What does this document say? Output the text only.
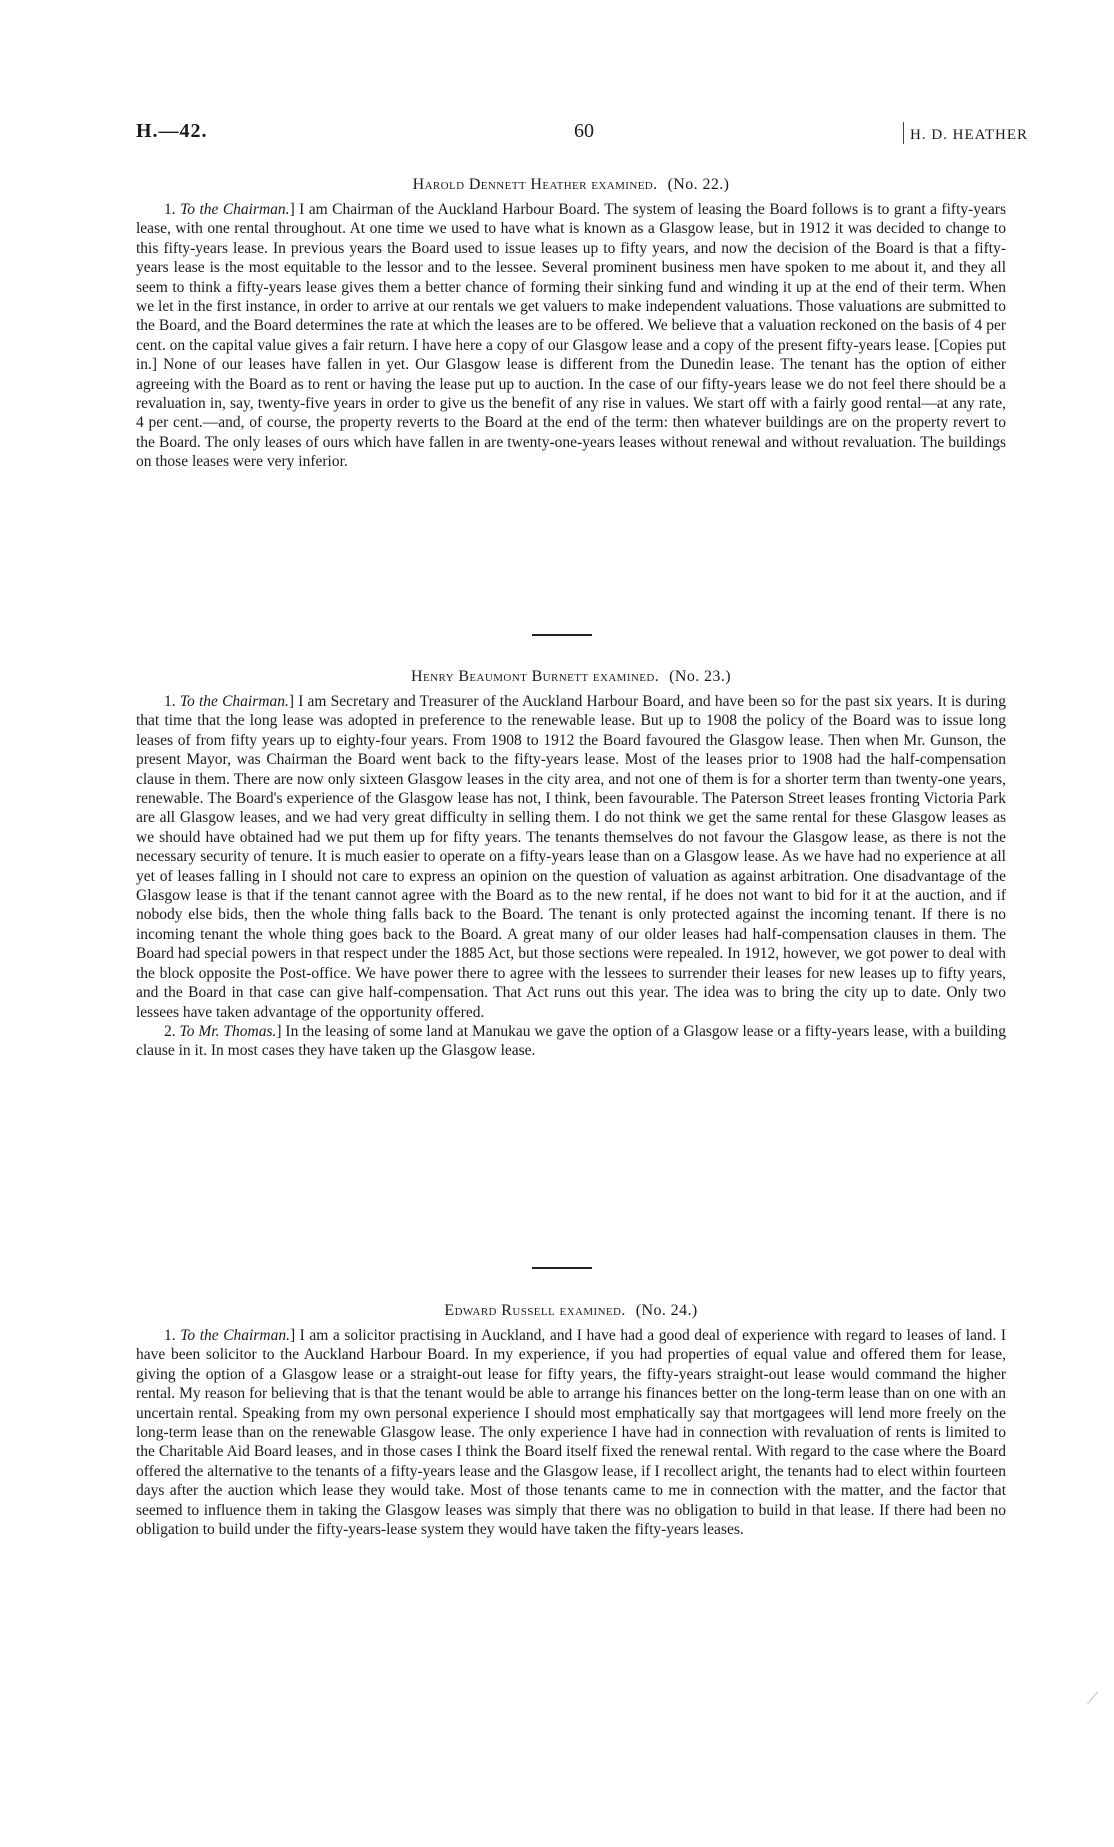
H.—42.	60	H. D. HEATHER
Harold Dennett Heather examined. (No. 22.)

1. To the Chairman.] I am Chairman of the Auckland Harbour Board. The system of leasing the Board follows is to grant a fifty-years lease, with one rental throughout. At one time we used to have what is known as a Glasgow lease, but in 1912 it was decided to change to this fifty-years lease. In previous years the Board used to issue leases up to fifty years, and now the decision of the Board is that a fifty-years lease is the most equitable to the lessor and to the lessee. Several prominent business men have spoken to me about it, and they all seem to think a fifty-years lease gives them a better chance of forming their sinking fund and winding it up at the end of their term. When we let in the first instance, in order to arrive at our rentals we get valuers to make independent valuations. Those valuations are submitted to the Board, and the Board determines the rate at which the leases are to be offered. We believe that a valuation reckoned on the basis of 4 per cent. on the capital value gives a fair return. I have here a copy of our Glasgow lease and a copy of the present fifty-years lease. [Copies put in.] None of our leases have fallen in yet. Our Glasgow lease is different from the Dunedin lease. The tenant has the option of either agreeing with the Board as to rent or having the lease put up to auction. In the case of our fifty-years lease we do not feel there should be a revaluation in, say, twenty-five years in order to give us the benefit of any rise in values. We start off with a fairly good rental—at any rate, 4 per cent.—and, of course, the property reverts to the Board at the end of the term: then whatever buildings are on the property revert to the Board. The only leases of ours which have fallen in are twenty-one-years leases without renewal and without revaluation. The buildings on those leases were very inferior.

Henry Beaumont Burnett examined. (No. 23.)

1. To the Chairman.] I am Secretary and Treasurer of the Auckland Harbour Board, and have been so for the past six years. It is during that time that the long lease was adopted in preference to the renewable lease. But up to 1908 the policy of the Board was to issue long leases of from fifty years up to eighty-four years. From 1908 to 1912 the Board favoured the Glasgow lease. Then when Mr. Gunson, the present Mayor, was Chairman the Board went back to the fifty-years lease. Most of the leases prior to 1908 had the half-compensation clause in them. There are now only sixteen Glasgow leases in the city area, and not one of them is for a shorter term than twenty-one years, renewable. The Board's experience of the Glasgow lease has not, I think, been favourable. The Paterson Street leases fronting Victoria Park are all Glasgow leases, and we had very great difficulty in selling them. I do not think we get the same rental for these Glasgow leases as we should have obtained had we put them up for fifty years. The tenants themselves do not favour the Glasgow lease, as there is not the necessary security of tenure. It is much easier to operate on a fifty-years lease than on a Glasgow lease. As we have had no experience at all yet of leases falling in I should not care to express an opinion on the question of valuation as against arbitration. One disadvantage of the Glasgow lease is that if the tenant cannot agree with the Board as to the new rental, if he does not want to bid for it at the auction, and if nobody else bids, then the whole thing falls back to the Board. The tenant is only protected against the incoming tenant. If there is no incoming tenant the whole thing goes back to the Board. A great many of our older leases had half-compensation clauses in them. The Board had special powers in that respect under the 1885 Act, but those sections were repealed. In 1912, however, we got power to deal with the block opposite the Post-office. We have power there to agree with the lessees to surrender their leases for new leases up to fifty years, and the Board in that case can give half-compensation. That Act runs out this year. The idea was to bring the city up to date. Only two lessees have taken advantage of the opportunity offered.

2. To Mr. Thomas.] In the leasing of some land at Manukau we gave the option of a Glasgow lease or a fifty-years lease, with a building clause in it. In most cases they have taken up the Glasgow lease.

Edward Russell examined. (No. 24.)

1. To the Chairman.] I am a solicitor practising in Auckland, and I have had a good deal of experience with regard to leases of land. I have been solicitor to the Auckland Harbour Board. In my experience, if you had properties of equal value and offered them for lease, giving the option of a Glasgow lease or a straight-out lease for fifty years, the fifty-years straight-out lease would command the higher rental. My reason for believing that is that the tenant would be able to arrange his finances better on the long-term lease than on one with an uncertain rental. Speaking from my own personal experience I should most emphatically say that mortgagees will lend more freely on the long-term lease than on the renewable Glasgow lease. The only experience I have had in connection with revaluation of rents is limited to the Charitable Aid Board leases, and in those cases I think the Board itself fixed the renewal rental. With regard to the case where the Board offered the alternative to the tenants of a fifty-years lease and the Glasgow lease, if I recollect aright, the tenants had to elect within fourteen days after the auction which lease they would take. Most of those tenants came to me in connection with the matter, and the factor that seemed to influence them in taking the Glasgow leases was simply that there was no obligation to build in that lease. If there had been no obligation to build under the fifty-years-lease system they would have taken the fifty-years leases.
